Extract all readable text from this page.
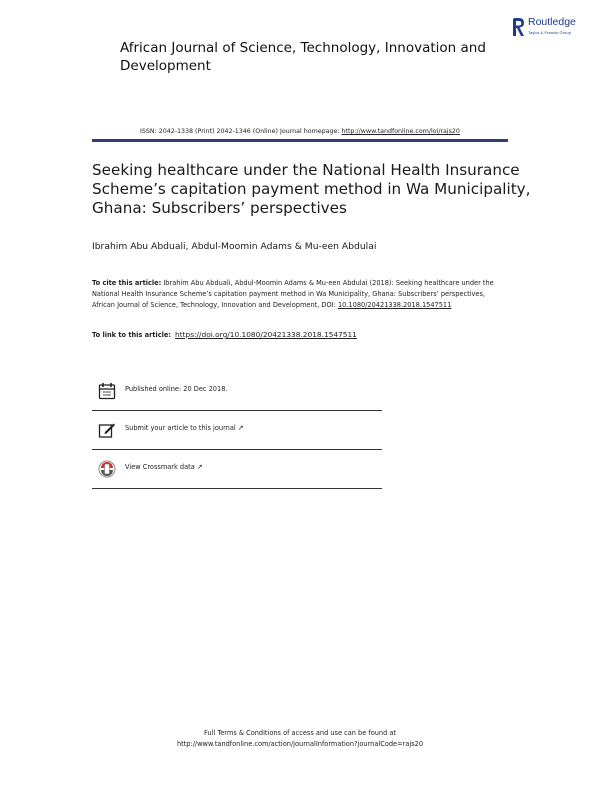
African Journal of Science, Technology, Innovation and Development
Routledge
Taylor & Francis Group
ISSN: 2042-1338 (Print) 2042-1346 (Online) Journal homepage: http://www.tandfonline.com/loi/rajs20
Seeking healthcare under the National Health Insurance Scheme’s capitation payment method in Wa Municipality, Ghana: Subscribers’ perspectives
Ibrahim Abu Abduali, Abdul-Moomin Adams & Mu-een Abdulai
To cite this article: Ibrahim Abu Abduali, Abdul-Moomin Adams & Mu-een Abdulai (2018): Seeking healthcare under the National Health Insurance Scheme’s capitation payment method in Wa Municipality, Ghana: Subscribers’ perspectives, African Journal of Science, Technology, Innovation and Development, DOI: 10.1080/20421338.2018.1547511
To link to this article: https://doi.org/10.1080/20421338.2018.1547511
Published online: 20 Dec 2018.
Submit your article to this journal ↗
View Crossmark data ↗
Full Terms & Conditions of access and use can be found at
http://www.tandfonline.com/action/journalInformation?journalCode=rajs20
